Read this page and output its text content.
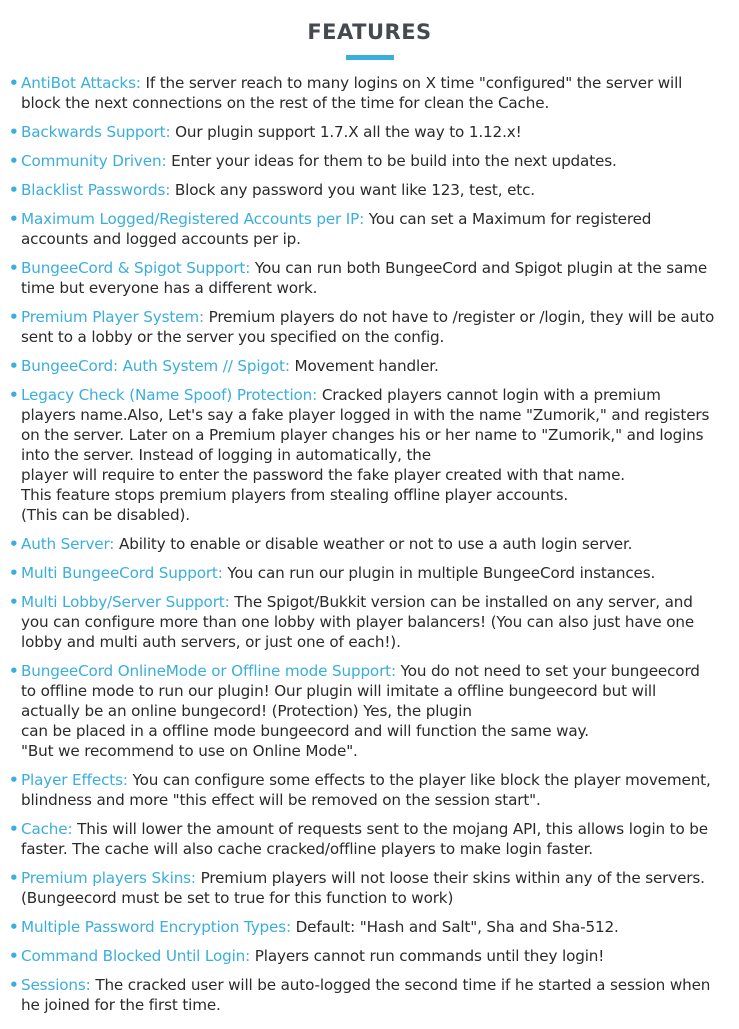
FEATURES
• AntiBot Attacks: If the server reach to many logins on X time "configured" the server will block the next connections on the rest of the time for clean the Cache.
• Backwards Support: Our plugin support 1.7.X all the way to 1.12.x!
• Community Driven: Enter your ideas for them to be build into the next updates.
• Blacklist Passwords: Block any password you want like 123, test, etc.
• Maximum Logged/Registered Accounts per IP: You can set a Maximum for registered accounts and logged accounts per ip.
• BungeeCord & Spigot Support: You can run both BungeeCord and Spigot plugin at the same time but everyone has a different work.
• Premium Player System: Premium players do not have to /register or /login, they will be auto sent to a lobby or the server you specified on the config.
• BungeeCord: Auth System // Spigot: Movement handler.
• Legacy Check (Name Spoof) Protection: Cracked players cannot login with a premium players name.Also, Let's say a fake player logged in with the name "Zumorik," and registers on the server. Later on a Premium player changes his or her name to "Zumorik," and logins into the server. Instead of logging in automatically, the
player will require to enter the password the fake player created with that name.
This feature stops premium players from stealing offline player accounts.
(This can be disabled).
• Auth Server: Ability to enable or disable weather or not to use a auth login server.
• Multi BungeeCord Support: You can run our plugin in multiple BungeeCord instances.
• Multi Lobby/Server Support: The Spigot/Bukkit version can be installed on any server, and you can configure more than one lobby with player balancers! (You can also just have one lobby and multi auth servers, or just one of each!).
• BungeeCord OnlineMode or Offline mode Support: You do not need to set your bungeecord to offline mode to run our plugin! Our plugin will imitate a offline bungeecord but will actually be an online bungecord! (Protection) Yes, the plugin
can be placed in a offline mode bungeecord and will function the same way.
"But we recommend to use on Online Mode".
• Player Effects: You can configure some effects to the player like block the player movement, blindness and more "this effect will be removed on the session start".
• Cache: This will lower the amount of requests sent to the mojang API, this allows login to be faster. The cache will also cache cracked/offline players to make login faster.
• Premium players Skins: Premium players will not loose their skins within any of the servers. (Bungeecord must be set to true for this function to work)
• Multiple Password Encryption Types: Default: "Hash and Salt", Sha and Sha-512.
• Command Blocked Until Login: Players cannot run commands until they login!
• Sessions: The cracked user will be auto-logged the second time if he started a session when he joined for the first time.
